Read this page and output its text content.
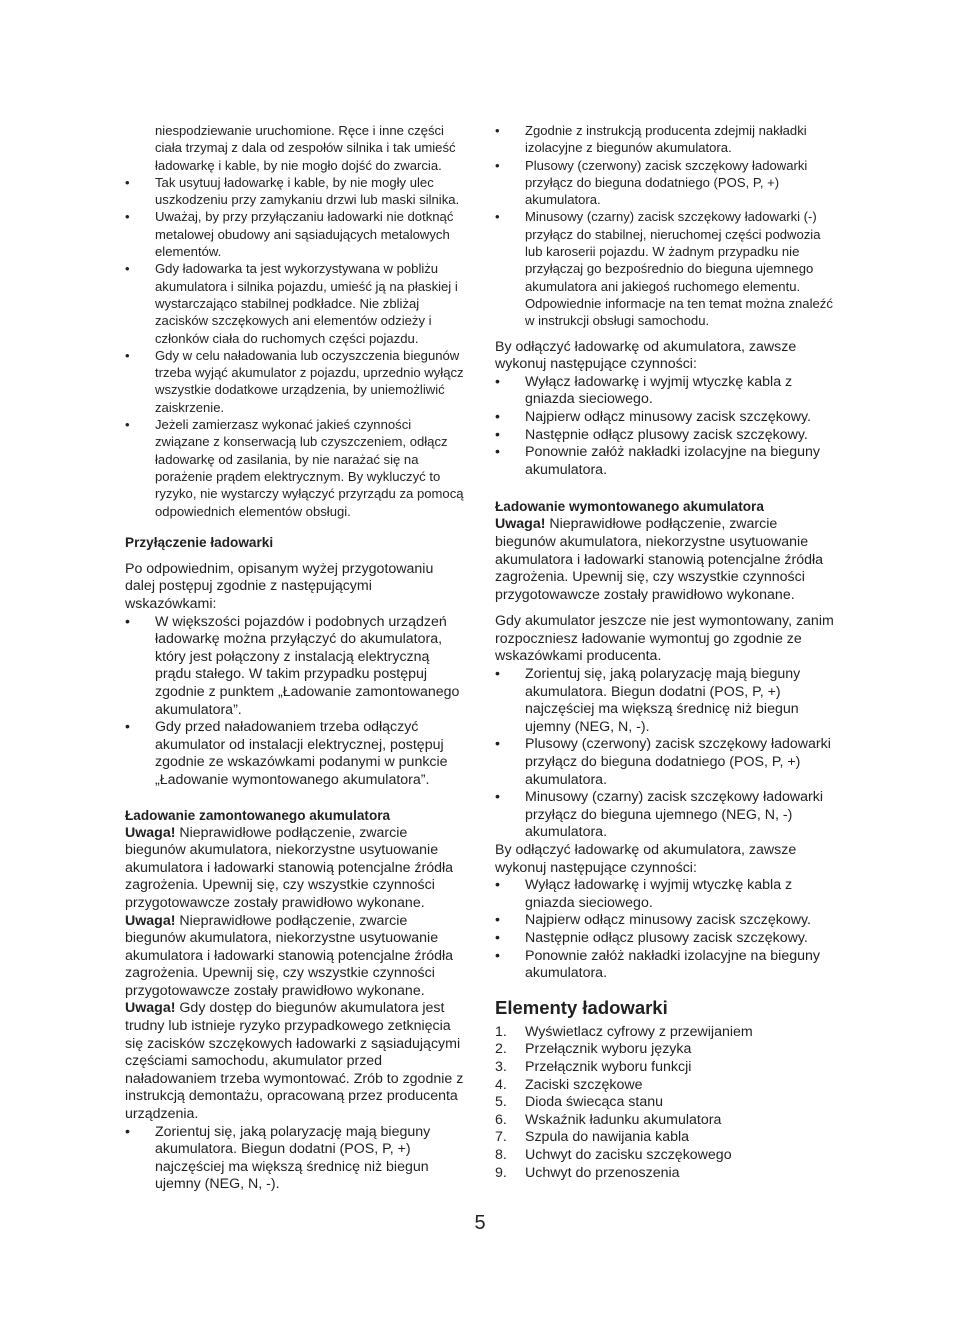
niespodziewanie uruchomione. Ręce i inne części ciała trzymaj z dala od zespołów silnika i tak umieść ładowarkę i kable, by nie mogło dojść do zwarcia.

• Tak usytuuj ładowarkę i kable, by nie mogły ulec uszkodzeniu przy zamykaniu drzwi lub maski silnika.
• Uważaj, by przy przyłączaniu ładowarki nie dotknąć metalowej obudowy ani sąsiadujących metalowych elementów.
• Gdy ładowarka ta jest wykorzystywana w pobliżu akumulatora i silnika pojazdu, umieść ją na płaskiej i wystarczająco stabilnej podkładce. Nie zbliżaj zacisków szczękowych ani elementów odzieży i członków ciała do ruchomych części pojazdu.
• Gdy w celu naładowania lub oczyszczenia biegunów trzeba wyjąć akumulator z pojazdu, uprzednio wyłącz wszystkie dodatkowe urządzenia, by uniemożliwić zaiskrzenie.
• Jeżeli zamierzasz wykonać jakieś czynności związane z konserwacją lub czyszczeniem, odłącz ładowarkę od zasilania, by nie narażać się na porażenie prądem elektrycznym. By wykluczyć to ryzyko, nie wystarczy wyłączyć przyrządu za pomocą odpowiednich elementów obsługi.
Przyłączenie ładowarki

Po odpowiednim, opisanym wyżej przygotowaniu dalej postępuj zgodnie z następującymi wskazówkami:

• W większości pojazdów i podobnych urządzeń ładowarkę można przyłączyć do akumulatora, który jest połączony z instalacją elektryczną prądu stałego. W takim przypadku postępuj zgodnie z punktem „Ładowanie zamontowanego akumulatora”.
• Gdy przed naładowaniem trzeba odłączyć akumulator od instalacji elektrycznej, postępuj zgodnie ze wskazówkami podanymi w punkcie „Ładowanie wymontowanego akumulatora”.
Ładowanie zamontowanego akumulatora

Uwaga! Nieprawidłowe podłączenie, zwarcie biegunów akumulatora, niekorzystne usytuowanie akumulatora i ładowarki stanowią potencjalne źródła zagrożenia. Upewnij się, czy wszystkie czynności przygotowawcze zostały prawidłowo wykonane.

Uwaga! Nieprawidłowe podłączenie, zwarcie biegunów akumulatora, niekorzystne usytuowanie akumulatora i ładowarki stanowią potencjalne źródła zagrożenia. Upewnij się, czy wszystkie czynności przygotowawcze zostały prawidłowo wykonane.

Uwaga! Gdy dostęp do biegunów akumulatora jest trudny lub istnieje ryzyko przypadkowego zetknięcia się zacisków szczękowych ładowarki z sąsiadującymi częściami samochodu, akumulator przed naładowaniem trzeba wymontować. Zrób to zgodnie z instrukcją demontażu, opracowaną przez producenta urządzenia.

• Zorientuj się, jaką polaryzację mają bieguny akumulatora. Biegun dodatni (POS, P, +) najczęściej ma większą średnicę niż biegun ujemny (NEG, N, -).
• Zgodnie z instrukcją producenta zdejmij nakładki izolacyjne z biegunów akumulatora.
• Plusowy (czerwony) zacisk szczękowy ładowarki przyłącz do bieguna dodatniego (POS, P, +) akumulatora.
• Minusowy (czarny) zacisk szczękowy ładowarki (-) przyłącz do stabilnej, nieruchomej części podwozia lub karoserii pojazdu. W żadnym przypadku nie przyłączaj go bezpośrednio do bieguna ujemnego akumulatora ani jakiegoś ruchomego elementu. Odpowiednie informacje na ten temat można znaleźć w instrukcji obsługi samochodu.

By odłączyć ładowarkę od akumulatora, zawsze wykonuj następujące czynności:

• Wyłącz ładowarkę i wyjmij wtyczkę kabla z gniazda sieciowego.
• Najpierw odłącz minusowy zacisk szczękowy.
• Następnie odłącz plusowy zacisk szczękowy.
• Ponownie załóż nakładki izolacyjne na bieguny akumulatora.
Ładowanie wymontowanego akumulatora

Uwaga! Nieprawidłowe podłączenie, zwarcie biegunów akumulatora, niekorzystne usytuowanie akumulatora i ładowarki stanowią potencjalne źródła zagrożenia. Upewnij się, czy wszystkie czynności przygotowawcze zostały prawidłowo wykonane.

Gdy akumulator jeszcze nie jest wymontowany, zanim rozpoczniesz ładowanie wymontuj go zgodnie ze wskazówkami producenta.

• Zorientuj się, jaką polaryzację mają bieguny akumulatora. Biegun dodatni (POS, P, +) najczęściej ma większą średnicę niż biegun ujemny (NEG, N, -).
• Plusowy (czerwony) zacisk szczękowy ładowarki przyłącz do bieguna dodatniego (POS, P, +) akumulatora.
• Minusowy (czarny) zacisk szczękowy ładowarki przyłącz do bieguna ujemnego (NEG, N, -) akumulatora.

By odłączyć ładowarkę od akumulatora, zawsze wykonuj następujące czynności:

• Wyłącz ładowarkę i wyjmij wtyczkę kabla z gniazda sieciowego.
• Najpierw odłącz minusowy zacisk szczękowy.
• Następnie odłącz plusowy zacisk szczękowy.
• Ponownie załóż nakładki izolacyjne na bieguny akumulatora.
Elementy ładowarki
1.	Wyświetlacz cyfrowy z przewijaniem
2.	Przełącznik wyboru języka
3.	Przełącznik wyboru funkcji
4.	Zaciski szczękowe
5.	Dioda świecąca stanu
6.	Wskaźnik ładunku akumulatora
7.	Szpula do nawijania kabla
8.	Uchwyt do zacisku szczękowego
9.	Uchwyt do przenoszenia
5
